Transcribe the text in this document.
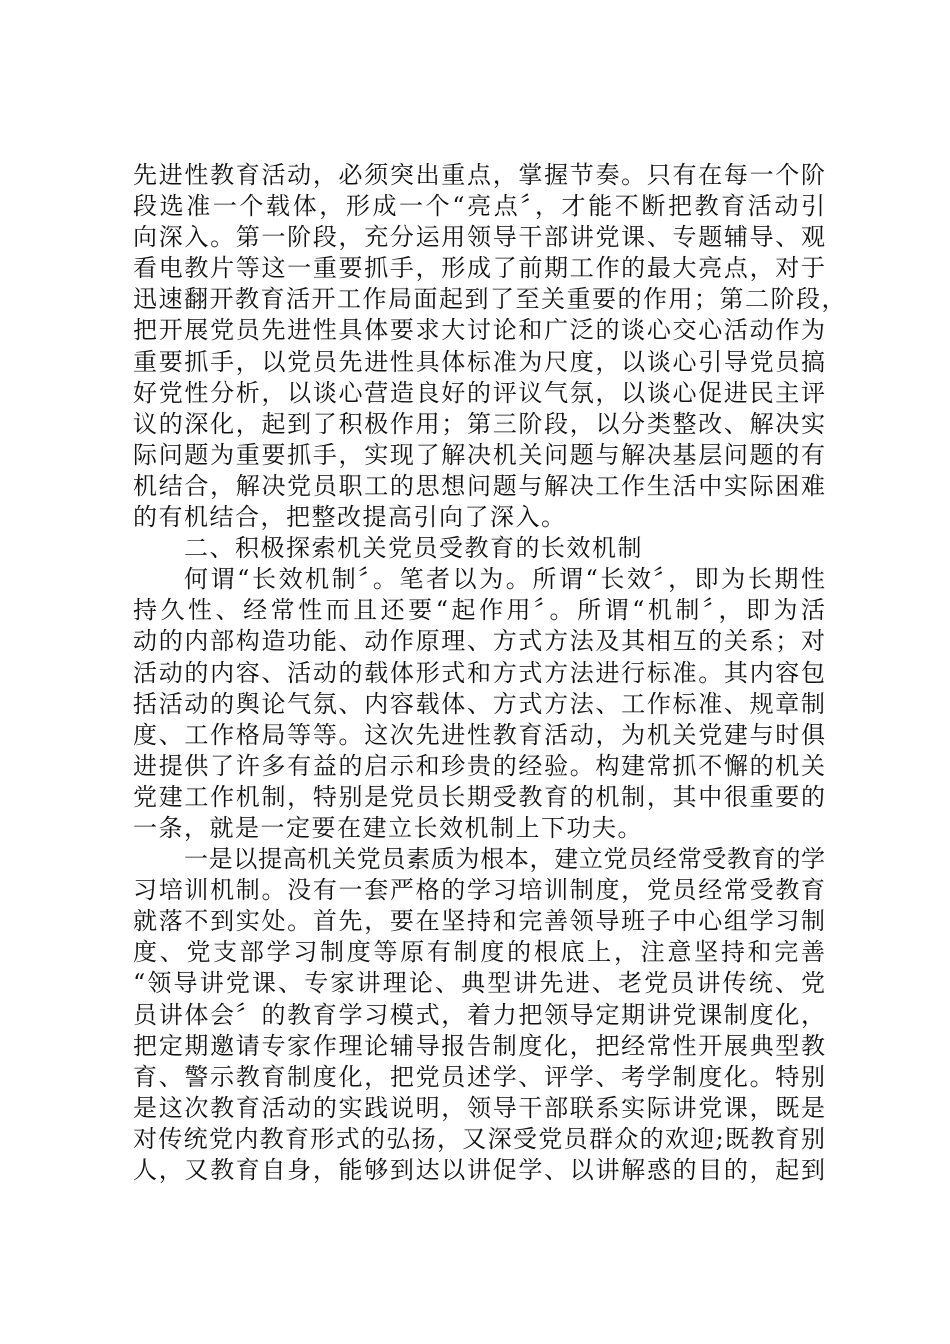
先进性教育活动，必须突出重点，掌握节奏。只有在每一个阶
段选准一个载体，形成一个“亮点〞，才能不断把教育活动引
向深入。第一阶段，充分运用领导干部讲党课、专题辅导、观
看电教片等这一重要抓手，形成了前期工作的最大亮点，对于
迅速翻开教育活开工作局面起到了至关重要的作用；第二阶段，
把开展党员先进性具体要求大讨论和广泛的谈心交心活动作为
重要抓手，以党员先进性具体标准为尺度，以谈心引导党员搞
好党性分析，以谈心营造良好的评议气氛，以谈心促进民主评
议的深化，起到了积极作用；第三阶段，以分类整改、解决实
际问题为重要抓手，实现了解决机关问题与解决基层问题的有
机结合，解决党员职工的思想问题与解决工作生活中实际困难
的有机结合，把整改提高引向了深入。
二、积极探索机关党员受教育的长效机制
何谓“长效机制〞。笔者以为。所谓“长效〞，即为长期性
持久性、经常性而且还要“起作用〞。所谓“机制〞，即为活
动的内部构造功能、动作原理、方式方法及其相互的关系；对
活动的内容、活动的载体形式和方式方法进行标准。其内容包
括活动的舆论气氛、内容载体、方式方法、工作标准、规章制
度、工作格局等等。这次先进性教育活动，为机关党建与时俱
进提供了许多有益的启示和珍贵的经验。构建常抓不懈的机关
党建工作机制，特别是党员长期受教育的机制，其中很重要的
一条，就是一定要在建立长效机制上下功夫。
一是以提高机关党员素质为根本，建立党员经常受教育的学
习培训机制。没有一套严格的学习培训制度，党员经常受教育
就落不到实处。首先，要在坚持和完善领导班子中心组学习制
度、党支部学习制度等原有制度的根底上，注意坚持和完善
“领导讲党课、专家讲理论、典型讲先进、老党员讲传统、党
员讲体会〞的教育学习模式，着力把领导定期讲党课制度化，
把定期邀请专家作理论辅导报告制度化，把经常性开展典型教
育、警示教育制度化，把党员述学、评学、考学制度化。特别
是这次教育活动的实践说明，领导干部联系实际讲党课，既是
对传统党内教育形式的弘扬，又深受党员群众的欢迎;既教育别
人，又教育自身，能够到达以讲促学、以讲解惑的目的，起到
